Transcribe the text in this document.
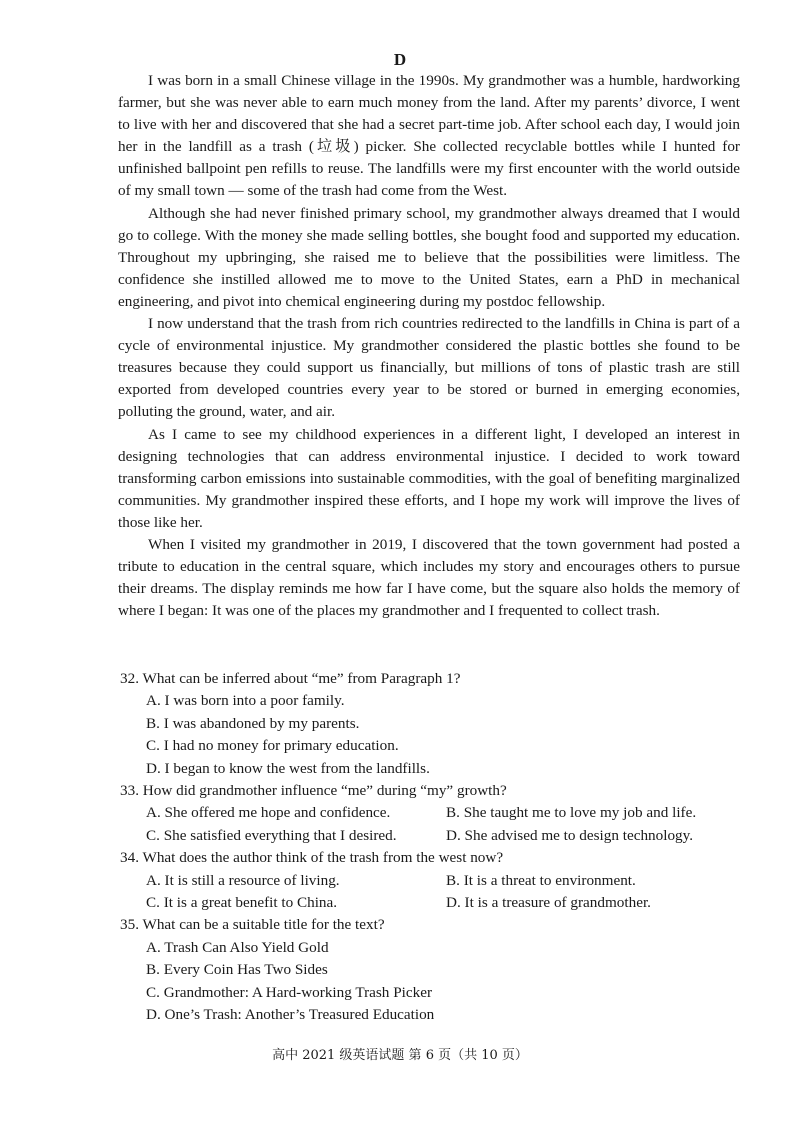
D

I was born in a small Chinese village in the 1990s. My grandmother was a humble, hardworking farmer, but she was never able to earn much money from the land. After my parents’ divorce, I went to live with her and discovered that she had a secret part-time job. After school each day, I would join her in the landfill as a trash (垃圾) picker. She collected recyclable bottles while I hunted for unfinished ballpoint pen refills to reuse. The landfills were my first encounter with the world outside of my small town — some of the trash had come from the West.

Although she had never finished primary school, my grandmother always dreamed that I would go to college. With the money she made selling bottles, she bought food and supported my education. Throughout my upbringing, she raised me to believe that the possibilities were limitless. The confidence she instilled allowed me to move to the United States, earn a PhD in mechanical engineering, and pivot into chemical engineering during my postdoc fellowship.

I now understand that the trash from rich countries redirected to the landfills in China is part of a cycle of environmental injustice. My grandmother considered the plastic bottles she found to be treasures because they could support us financially, but millions of tons of plastic trash are still exported from developed countries every year to be stored or burned in emerging economies, polluting the ground, water, and air.

As I came to see my childhood experiences in a different light, I developed an interest in designing technologies that can address environmental injustice. I decided to work toward transforming carbon emissions into sustainable commodities, with the goal of benefiting marginalized communities. My grandmother inspired these efforts, and I hope my work will improve the lives of those like her.

When I visited my grandmother in 2019, I discovered that the town government had posted a tribute to education in the central square, which includes my story and encourages others to pursue their dreams. The display reminds me how far I have come, but the square also holds the memory of where I began: It was one of the places my grandmother and I frequented to collect trash.

32. What can be inferred about “me” from Paragraph 1?
A. I was born into a poor family.
B. I was abandoned by my parents.
C. I had no money for primary education.
D. I began to know the west from the landfills.
33. How did grandmother influence “me” during “my” growth?
A. She offered me hope and confidence.	B. She taught me to love my job and life.
C. She satisfied everything that I desired.	D. She advised me to design technology.
34. What does the author think of the trash from the west now?
A. It is still a resource of living.	B. It is a threat to environment.
C. It is a great benefit to China.	D. It is a treasure of grandmother.
35. What can be a suitable title for the text?
A. Trash Can Also Yield Gold
B. Every Coin Has Two Sides
C. Grandmother: A Hard-working Trash Picker
D. One’s Trash: Another’s Treasured Education
高中 2021 级英语试题 第 6 页（共 10 页）
